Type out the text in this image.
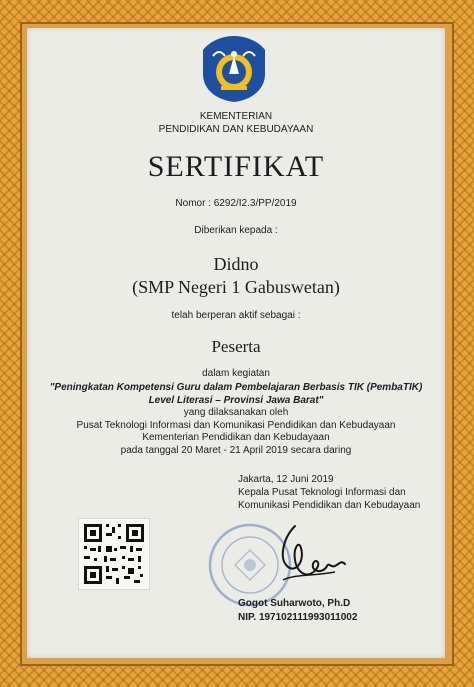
KEMENTERIAN
PENDIDIKAN DAN KEBUDAYAAN
SERTIFIKAT
Nomor : 6292/I2.3/PP/2019
Diberikan kepada :
Didno
(SMP Negeri 1 Gabuswetan)
telah berperan aktif sebagai :
Peserta
dalam kegiatan
"Peningkatan Kompetensi Guru dalam Pembelajaran Berbasis TIK (PembaTIK)
Level Literasi – Provinsi Jawa Barat"
yang dilaksanakan oleh
Pusat Teknologi Informasi dan Komunikasi Pendidikan dan Kebudayaan
Kementerian Pendidikan dan Kebudayaan
pada tanggal 20 Maret - 21 April 2019 secara daring
Jakarta, 12 Juni 2019
Kepala Pusat Teknologi Informasi dan
Komunikasi Pendidikan dan Kebudayaan
Gogot Suharwoto, Ph.D
NIP. 197102111993011002
